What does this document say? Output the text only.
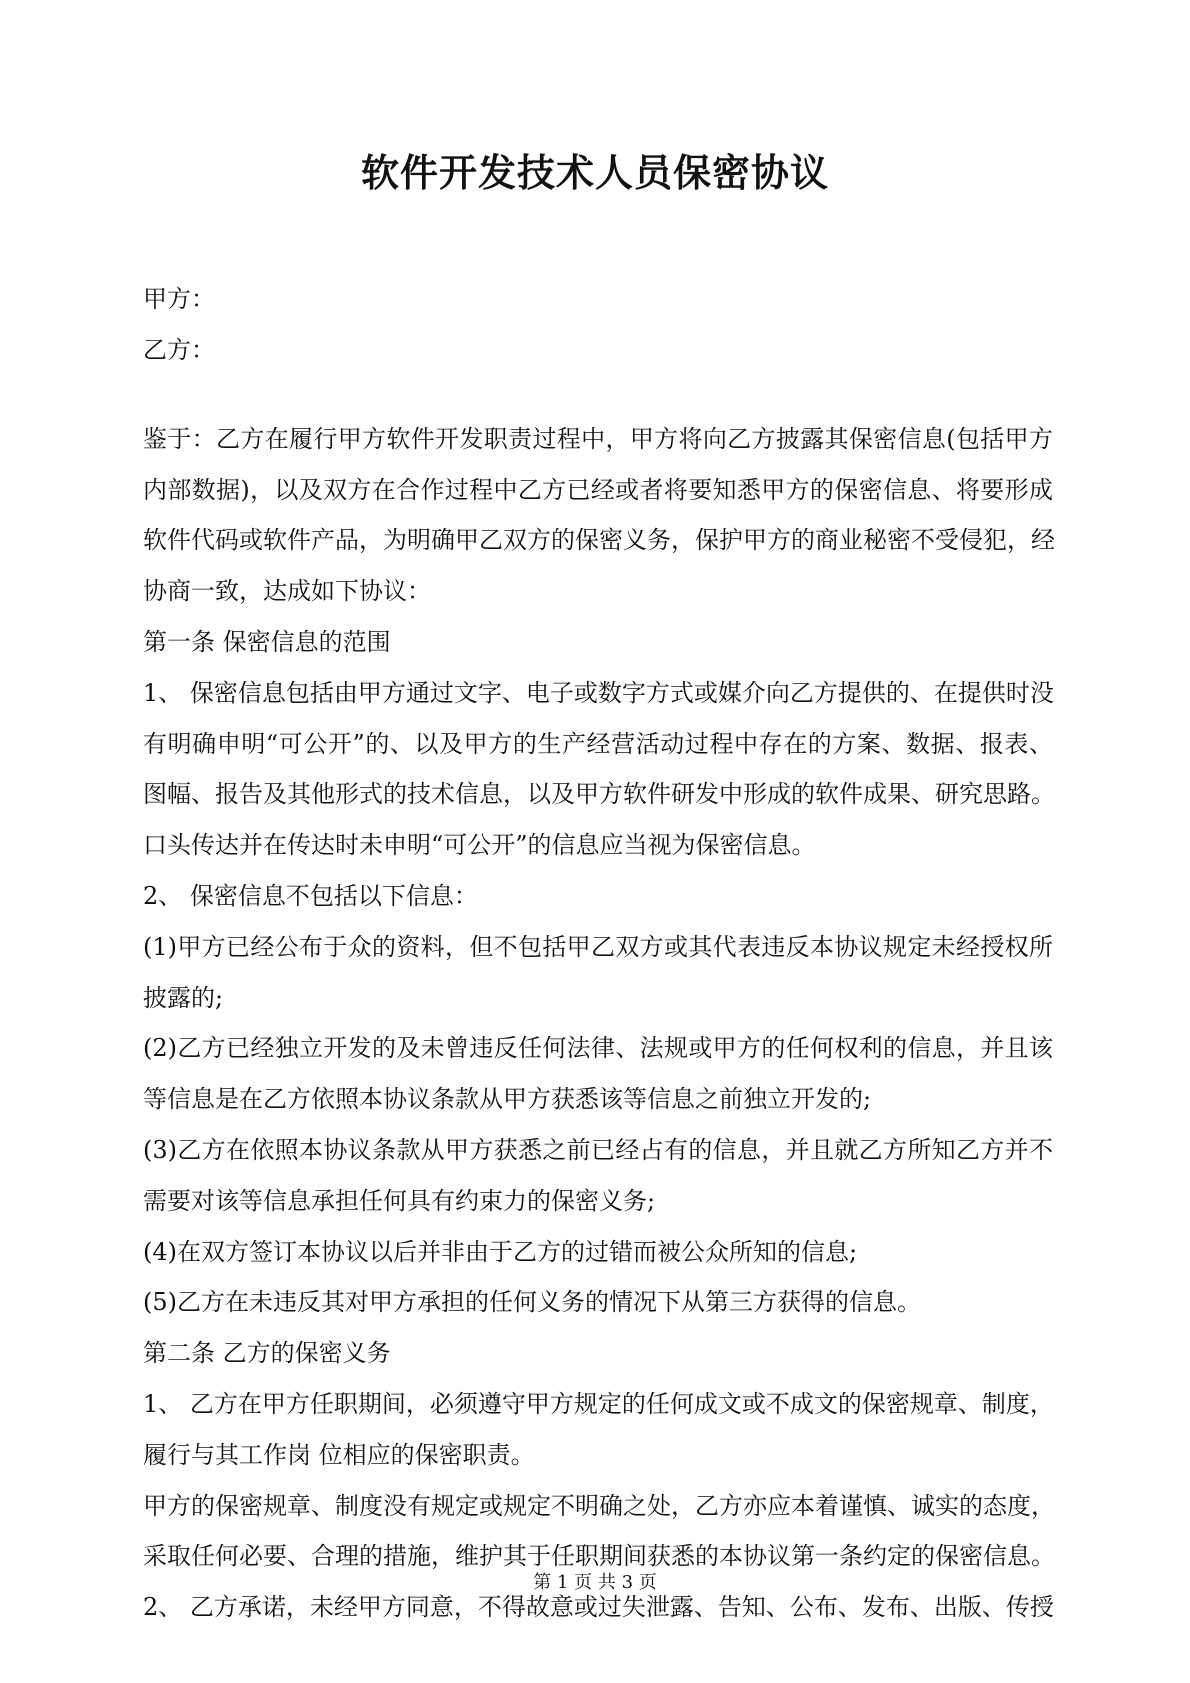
软件开发技术人员保密协议

甲方：

乙方：

鉴于：乙方在履行甲方软件开发职责过程中，甲方将向乙方披露其保密信息(包括甲方

内部数据)，以及双方在合作过程中乙方已经或者将要知悉甲方的保密信息、将要形成

软件代码或软件产品，为明确甲乙双方的保密义务，保护甲方的商业秘密不受侵犯，经

协商一致，达成如下协议：

第一条 保密信息的范围

1、 保密信息包括由甲方通过文字、电子或数字方式或媒介向乙方提供的、在提供时没

有明确申明“可公开”的、以及甲方的生产经营活动过程中存在的方案、数据、报表、

图幅、报告及其他形式的技术信息，以及甲方软件研发中形成的软件成果、研究思路。

口头传达并在传达时未申明“可公开”的信息应当视为保密信息。

2、 保密信息不包括以下信息：

(1)甲方已经公布于众的资料，但不包括甲乙双方或其代表违反本协议规定未经授权所

披露的;

(2)乙方已经独立开发的及未曾违反任何法律、法规或甲方的任何权利的信息，并且该

等信息是在乙方依照本协议条款从甲方获悉该等信息之前独立开发的;

(3)乙方在依照本协议条款从甲方获悉之前已经占有的信息，并且就乙方所知乙方并不

需要对该等信息承担任何具有约束力的保密义务;

(4)在双方签订本协议以后并非由于乙方的过错而被公众所知的信息;

(5)乙方在未违反其对甲方承担的任何义务的情况下从第三方获得的信息。

第二条 乙方的保密义务

1、 乙方在甲方任职期间，必须遵守甲方规定的任何成文或不成文的保密规章、制度，

履行与其工作岗 位相应的保密职责。

甲方的保密规章、制度没有规定或规定不明确之处，乙方亦应本着谨慎、诚实的态度，

采取任何必要、合理的措施，维护其于任职期间获悉的本协议第一条约定的保密信息。

2、 乙方承诺，未经甲方同意，不得故意或过失泄露、告知、公布、发布、出版、传授

第 1 页 共 3 页
